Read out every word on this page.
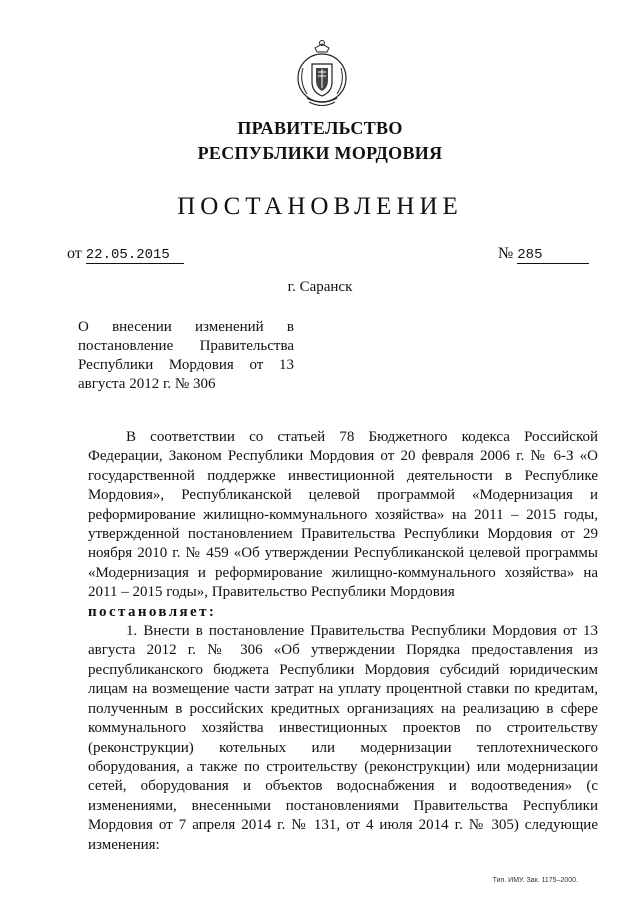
ПРАВИТЕЛЬСТВО
РЕСПУБЛИКИ МОРДОВИЯ
ПОСТАНОВЛЕНИЕ
от 22.05.2015	№ 285
г. Саранск
О внесении изменений в постановление Правительства Республики Мордовия от 13 августа 2012 г. № 306

В соответствии со статьей 78 Бюджетного кодекса Российской Федерации, Законом Республики Мордовия от 20 февраля 2006 г. № 6-З «О государственной поддержке инвестиционной деятельности в Республике Мордовия», Республиканской целевой программой «Модернизация и реформирование жилищно-коммунального хозяйства» на 2011 – 2015 годы, утвержденной постановлением Правительства Республики Мордовия от 29 ноября 2010 г. № 459 «Об утверждении Республиканской целевой программы «Модернизация и реформирование жилищно-коммунального хозяйства» на 2011 – 2015 годы», Правительство Республики Мордовия

постановляет:

1. Внести в постановление Правительства Республики Мордовия от 13 августа 2012 г. № 306 «Об утверждении Порядка предоставления из республиканского бюджета Республики Мордовия субсидий юридическим лицам на возмещение части затрат на уплату процентной ставки по кредитам, полученным в российских кредитных организациях на реализацию в сфере коммунального хозяйства инвестиционных проектов по строительству (реконструкции) котельных или модернизации теплотехнического оборудования, а также по строительству (реконструкции) или модернизации сетей, оборудования и объектов водоснабжения и водоотведения» (с изменениями, внесенными постановлениями Правительства Республики Мордовия от 7 апреля 2014 г. № 131, от 4 июля 2014 г. № 305) следующие изменения:

Тип. ИМУ. Зак. 1175–2000.
